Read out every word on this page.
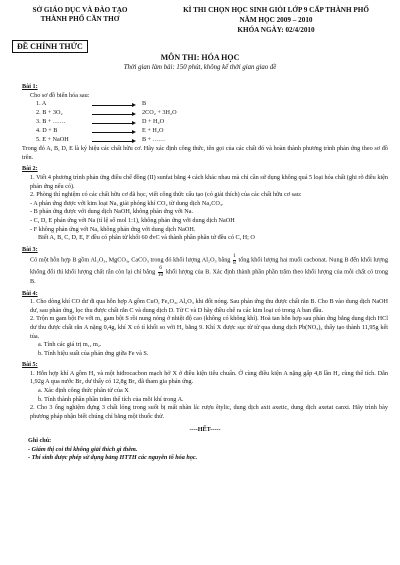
SỞ GIÁO DỤC VÀ ĐÀO TẠO
THÀNH PHỐ CẦN THƠ
KÌ THI CHỌN HỌC SINH GIỎI LỚP 9 CẤP THÀNH PHỐ
NĂM HỌC 2009 – 2010
KHÓA NGÀY: 02/4/2010
ĐỀ CHÍNH THỨC
MÔN THI: HÓA HỌC
Thời gian làm bài: 150 phút, không kể thời gian giao đề

Bài 1:

Cho sơ đồ biến hóa sau:

1. A	B
2. B + 3O₂	2CO₂ + 3H₂O
3. B + ……	D + H₂O
4. D + B	E + H₂O
5. E + NaOH	B + ……

Trong đó A, B, D, E là ký hiệu các chất hữu cơ. Hãy xác định công thức, tên gọi của các chất đó và hoàn thành phương trình phản ứng theo sơ đồ trên.

Bài 2:

1. Viết 4 phương trình phản ứng điều chế đồng (II) sunfat bằng 4 cách khác nhau mà chỉ cần sử dụng không quá 5 loại hóa chất (ghi rõ điều kiện phản ứng nếu có).

2. Phòng thí nghiệm có các chất hữu cơ đã học, viết công thức cấu tạo (có giải thích) của các chất hữu cơ sau:

- A phản ứng được với kim loại Na, giải phóng khí CO₂ từ dung dịch Na₂CO₃.

- B phản ứng được với dung dịch NaOH, không phản ứng với Na.

- C, D, E phản ứng với Na (tỉ lệ số mol 1:1), không phản ứng với dung dịch NaOH

- F không phản ứng với Na, không phản ứng với dung dịch NaOH.

Biết A, B, C, D, E, F đều có phân tử khối 60 đvC và thành phần phân tử đều có C, H; O

Bài 3:

Có một hỗn hợp B gồm Al₂O₃, MgCO₃, CaCO₃ trong đó khối lượng Al₂O₃ bằng $\frac{1}{8}$ tổng khối lượng hai muối cacbonat. Nung B đến khối lượng không đổi thì khối lượng chất rắn còn lại chỉ bằng $\frac{6}{10}$ khối lượng của B. Xác định thành phần phần trăm theo khối lượng của mỗi chất có trong B.

Bài 4:

1. Cho dòng khí CO dư đi qua hỗn hợp A gồm CuO, Fe₂O₃, Al₂O₃ khi đốt nóng. Sau phản ứng thu được chất rắn B. Cho B vào dung dịch NaOH dư, sau phản ứng, lọc thu được chất rắn C và dung dịch D. Từ C và D hãy điều chế ra các kim loại có trong A ban đầu.

2. Trộn m gam bột Fe với m₁ gam bột S rồi nung nóng ở nhiệt độ cao (không có không khí). Hoà tan hỗn hợp sau phản ứng bằng dung dịch HCl dư thu được chất rắn A nặng 0,4g, khí X có tỉ khối so với H₂ bằng 9. Khí X được sục từ từ qua dung dịch Pb(NO₃)₂ thấy tạo thành 11,95g kết tủa.

a. Tính các giá trị m₁, m₂.

b. Tính hiệu suất của phản ứng giữa Fe và S.

Bài 5:

1. Hỗn hợp khí A gồm H₂ và một hiđrocacbon mạch hở X ở điều kiện tiêu chuẩn. Ở cùng điều kiện A nặng gấp 4,8 lần H₂ cùng thể tích. Dẫn 1,92g A qua nước Br₂ dư thấy có 12,8g Br₂ đã tham gia phản ứng.

a. Xác định công thức phân tử của X

b. Tính thành phần phần trăm thể tích của mỗi khí trong A.

2. Cho 3 ống nghiệm đựng 3 chất lỏng trong suốt bị mất nhãn là: rượu êtylic, dung dịch axit axetic, dung dịch axetat canxi. Hãy trình bày phương pháp nhận biết chúng chỉ bằng một thuốc thử.

----HẾT-----

Ghi chú:

- Giám thị coi thi không giải thích gì thêm.

- Thí sinh được phép sử dụng bảng HTTH các nguyên tố hóa học.
